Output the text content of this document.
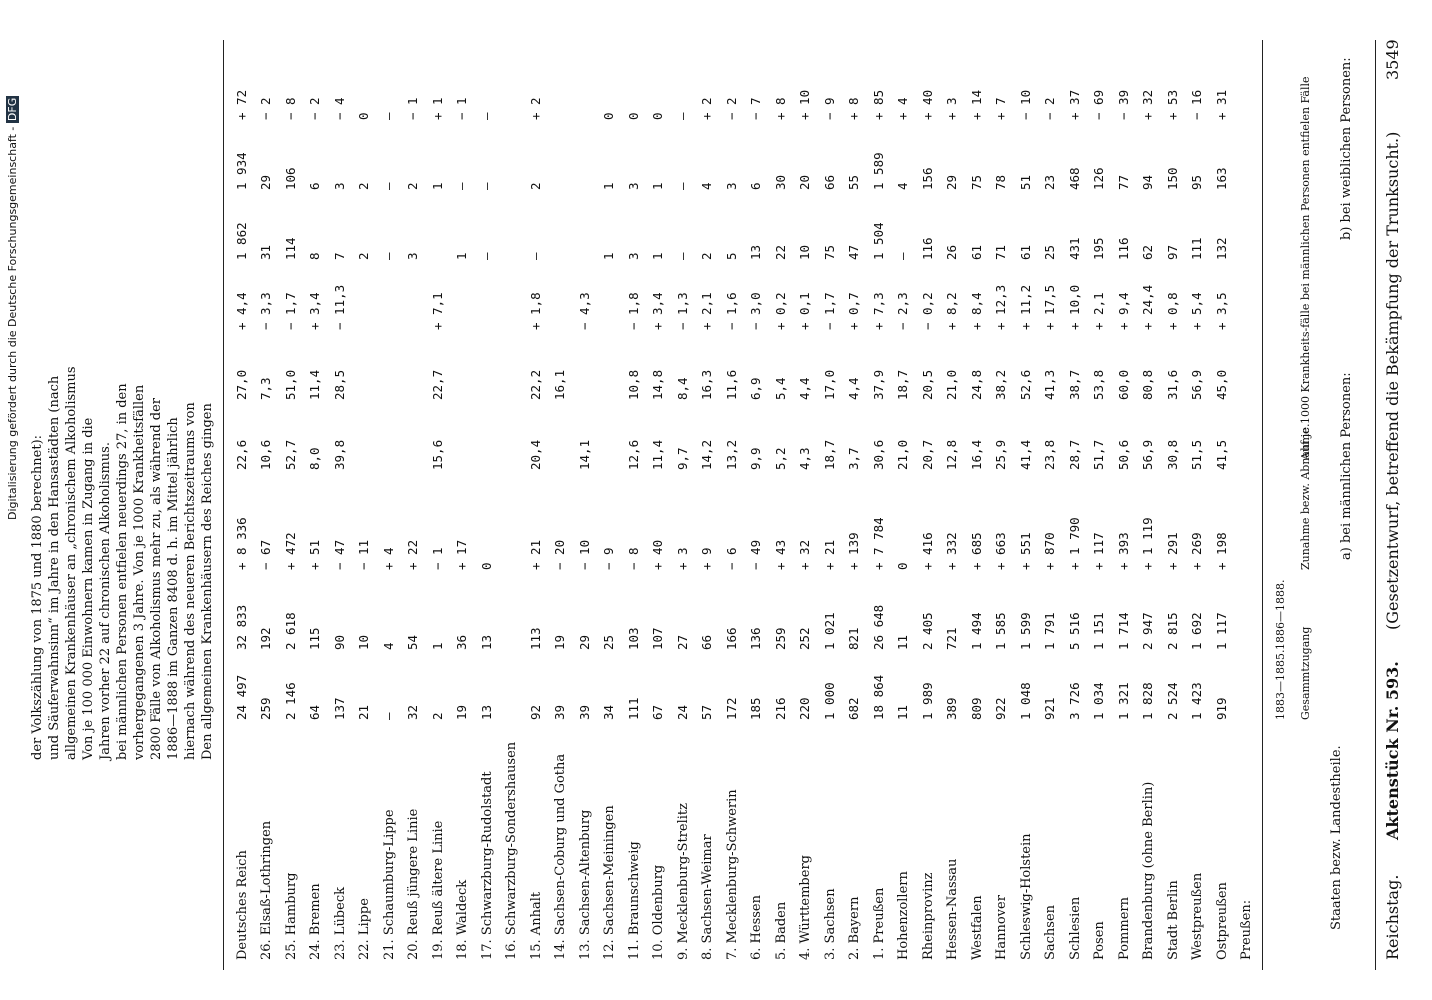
Reichstag.
Aktenstück Nr. 593.
(Gesetzentwurf, betreffend die Bekämpfung der Trunksucht.)
3549
Staaten bezw. Landestheile.
a) bei männlichen Personen:
b) bei weiblichen Personen:
Gesammtzugang
Zunahme bezw. Abnahme.
Auf je 1000 Krankheits-fälle bei männlichen Personen entfielen Fälle
1883—1885.
1886—1888.
Preußen:
Ostpreußen
919
1 117
+ 198
41,5
45,0
+ 3,5
132
163
+ 31
Westpreußen
1 423
1 692
+ 269
51,5
56,9
+ 5,4
111
95
− 16
Stadt Berlin
2 524
2 815
+ 291
30,8
31,6
+ 0,8
97
150
+ 53
Brandenburg (ohne Berlin)
1 828
2 947
+ 1 119
56,9
80,8
+ 24,4
62
94
+ 32
Pommern
1 321
1 714
+ 393
50,6
60,0
+ 9,4
116
77
− 39
Posen
1 034
1 151
+ 117
51,7
53,8
+ 2,1
195
126
− 69
Schlesien
3 726
5 516
+ 1 790
28,7
38,7
+ 10,0
431
468
+ 37
Sachsen
921
1 791
+ 870
23,8
41,3
+ 17,5
25
23
− 2
Schleswig-Holstein
1 048
1 599
+ 551
41,4
52,6
+ 11,2
61
51
− 10
Hannover
922
1 585
+ 663
25,9
38,2
+ 12,3
71
78
+ 7
Westfalen
809
1 494
+ 685
16,4
24,8
+ 8,4
61
75
+ 14
Hessen-Nassau
389
721
+ 332
12,8
21,0
+ 8,2
26
29
+ 3
Rheinprovinz
1 989
2 405
+ 416
20,7
20,5
− 0,2
116
156
+ 40
Hohenzollern
11
11
0
21,0
18,7
− 2,3
—
4
+ 4
1. Preußen
18 864
26 648
+ 7 784
30,6
37,9
+ 7,3
1 504
1 589
+ 85
2. Bayern
682
821
+ 139
3,7
4,4
+ 0,7
47
55
+ 8
3. Sachsen
1 000
1 021
+ 21
18,7
17,0
− 1,7
75
66
− 9
4. Württemberg
220
252
+ 32
4,3
4,4
+ 0,1
10
20
+ 10
5. Baden
216
259
+ 43
5,2
5,4
+ 0,2
22
30
+ 8
6. Hessen
185
136
− 49
9,9
6,9
− 3,0
13
6
− 7
7. Mecklenburg-Schwerin
172
166
− 6
13,2
11,6
− 1,6
5
3
− 2
8. Sachsen-Weimar
57
66
+ 9
14,2
16,3
+ 2,1
2
4
+ 2
9. Mecklenburg-Strelitz
24
27
+ 3
9,7
8,4
− 1,3
—
—
—
10. Oldenburg
67
107
+ 40
11,4
14,8
+ 3,4
1
1
0
11. Braunschweig
111
103
− 8
12,6
10,8
− 1,8
3
3
0
12. Sachsen-Meiningen
34
25
− 9
1
1
0
13. Sachsen-Altenburg
39
29
− 10
14,1
− 4,3
14. Sachsen-Coburg und Gotha
39
19
− 20
16,1
15. Anhalt
92
113
+ 21
20,4
22,2
+ 1,8
—
2
+ 2
16. Schwarzburg-Sondershausen
17. Schwarzburg-Rudolstadt
13
13
0
—
—
—
18. Waldeck
19
36
+ 17
1
—
− 1
19. Reuß ältere Linie
2
1
− 1
15,6
22,7
+ 7,1
1
+ 1
20. Reuß jüngere Linie
32
54
+ 22
3
2
− 1
21. Schaumburg-Lippe
—
4
+ 4
—
—
—
22. Lippe
21
10
− 11
2
2
0
23. Lübeck
137
90
− 47
39,8
28,5
− 11,3
7
3
− 4
24. Bremen
64
115
+ 51
8,0
11,4
+ 3,4
8
6
− 2
25. Hamburg
2 146
2 618
+ 472
52,7
51,0
− 1,7
114
106
− 8
26. Elsaß-Lothringen
259
192
− 67
10,6
7,3
− 3,3
31
29
− 2
Deutsches Reich
24 497
32 833
+ 8 336
22,6
27,0
+ 4,4
1 862
1 934
+ 72
Den allgemeinen Krankenhäusern des Reiches gingen
hiernach während des neueren Berichtszeitraums von
1886—1888 im Ganzen 8408 d. h. im Mittel jährlich
2800 Fälle von Alkoholismus mehr zu, als während der
vorhergegangenen 3 Jahre. Von je 1000 Krankheitsfällen
bei männlichen Personen entfielen neuerdings 27, in den
Jahren vorher 22 auf chronischen Alkoholismus.
Von je 100 000 Einwohnern kamen in Zugang in die
allgemeinen Krankenhäuser an „chronischem Alkoholismus
und Säuferwahnsinn“ im Jahre in den Hansastädten (nach
der Volkszählung von 1875 und 1880 berechnet):
Digitalisierung gefördert durch die Deutsche Forschungsgemeinschaft - DFG
